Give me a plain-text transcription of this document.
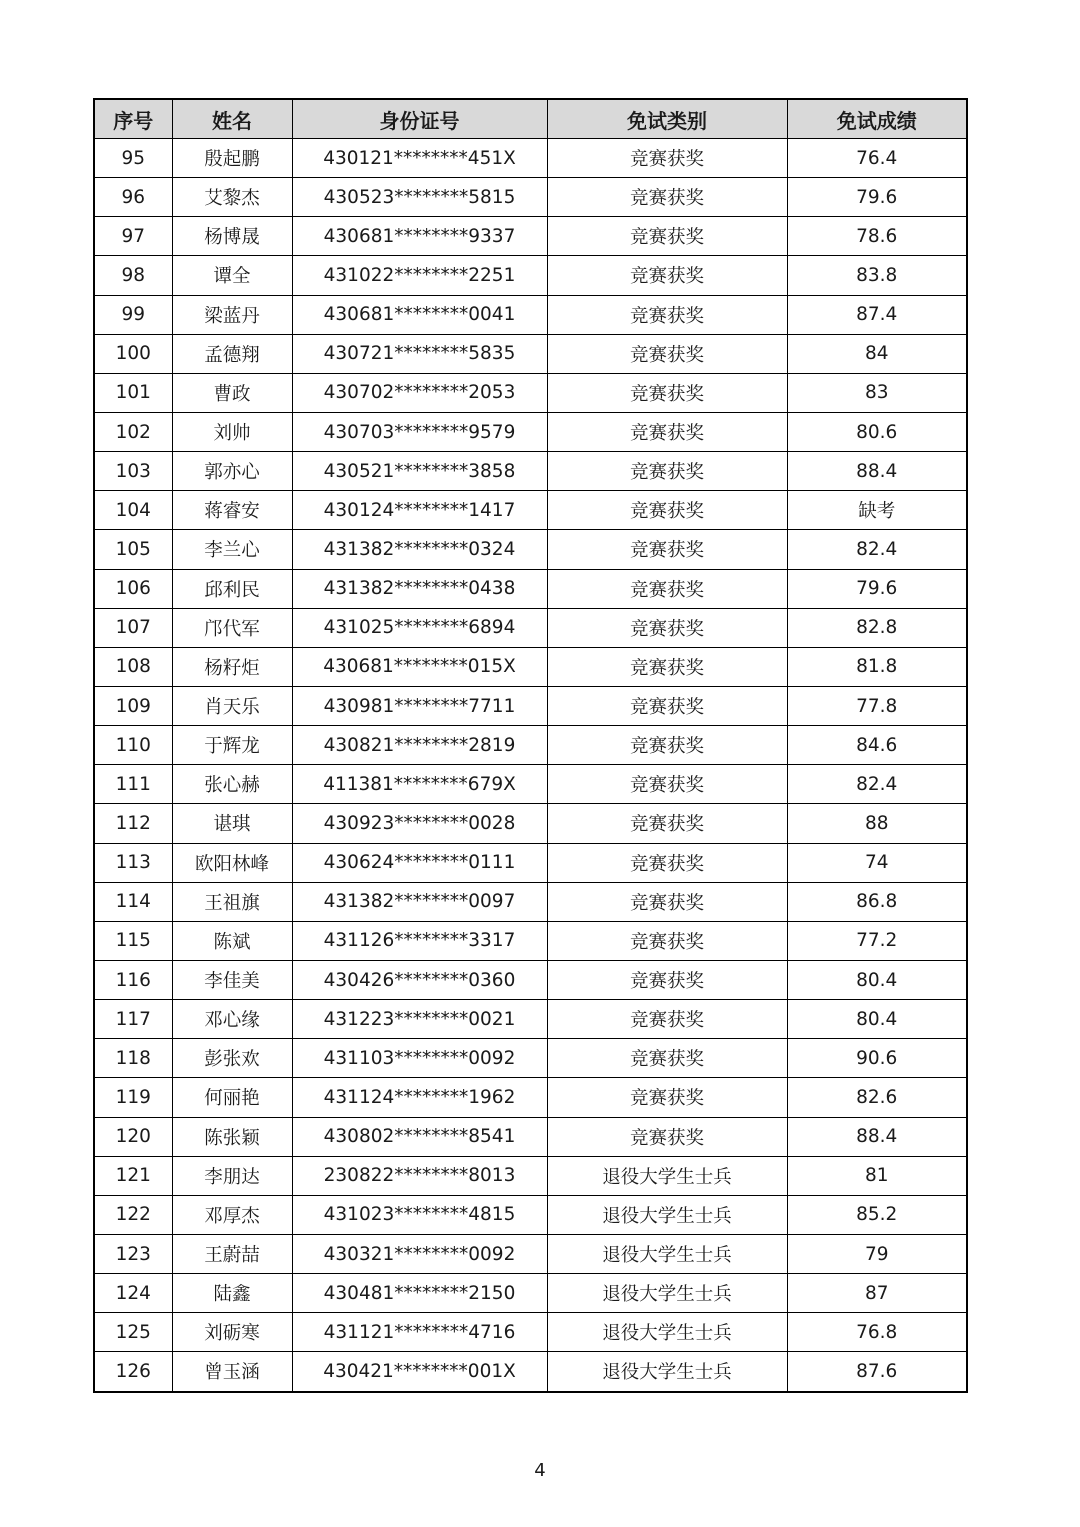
序号	姓名	身份证号	免试类别	免试成绩
95	殷起鹏	430121********451X	竞赛获奖	76.4
96	艾黎杰	430523********5815	竞赛获奖	79.6
97	杨博晟	430681********9337	竞赛获奖	78.6
98	谭全	431022********2251	竞赛获奖	83.8
99	梁蓝丹	430681********0041	竞赛获奖	87.4
100	孟德翔	430721********5835	竞赛获奖	84
101	曹政	430702********2053	竞赛获奖	83
102	刘帅	430703********9579	竞赛获奖	80.6
103	郭亦心	430521********3858	竞赛获奖	88.4
104	蒋睿安	430124********1417	竞赛获奖	缺考
105	李兰心	431382********0324	竞赛获奖	82.4
106	邱利民	431382********0438	竞赛获奖	79.6
107	邝代军	431025********6894	竞赛获奖	82.8
108	杨籽炬	430681********015X	竞赛获奖	81.8
109	肖天乐	430981********7711	竞赛获奖	77.8
110	于辉龙	430821********2819	竞赛获奖	84.6
111	张心赫	411381********679X	竞赛获奖	82.4
112	谌琪	430923********0028	竞赛获奖	88
113	欧阳林峰	430624********0111	竞赛获奖	74
114	王祖旗	431382********0097	竞赛获奖	86.8
115	陈斌	431126********3317	竞赛获奖	77.2
116	李佳美	430426********0360	竞赛获奖	80.4
117	邓心缘	431223********0021	竞赛获奖	80.4
118	彭张欢	431103********0092	竞赛获奖	90.6
119	何丽艳	431124********1962	竞赛获奖	82.6
120	陈张颖	430802********8541	竞赛获奖	88.4
121	李朋达	230822********8013	退役大学生士兵	81
122	邓厚杰	431023********4815	退役大学生士兵	85.2
123	王蔚喆	430321********0092	退役大学生士兵	79
124	陆鑫	430481********2150	退役大学生士兵	87
125	刘砺寒	431121********4716	退役大学生士兵	76.8
126	曾玉涵	430421********001X	退役大学生士兵	87.6
4
